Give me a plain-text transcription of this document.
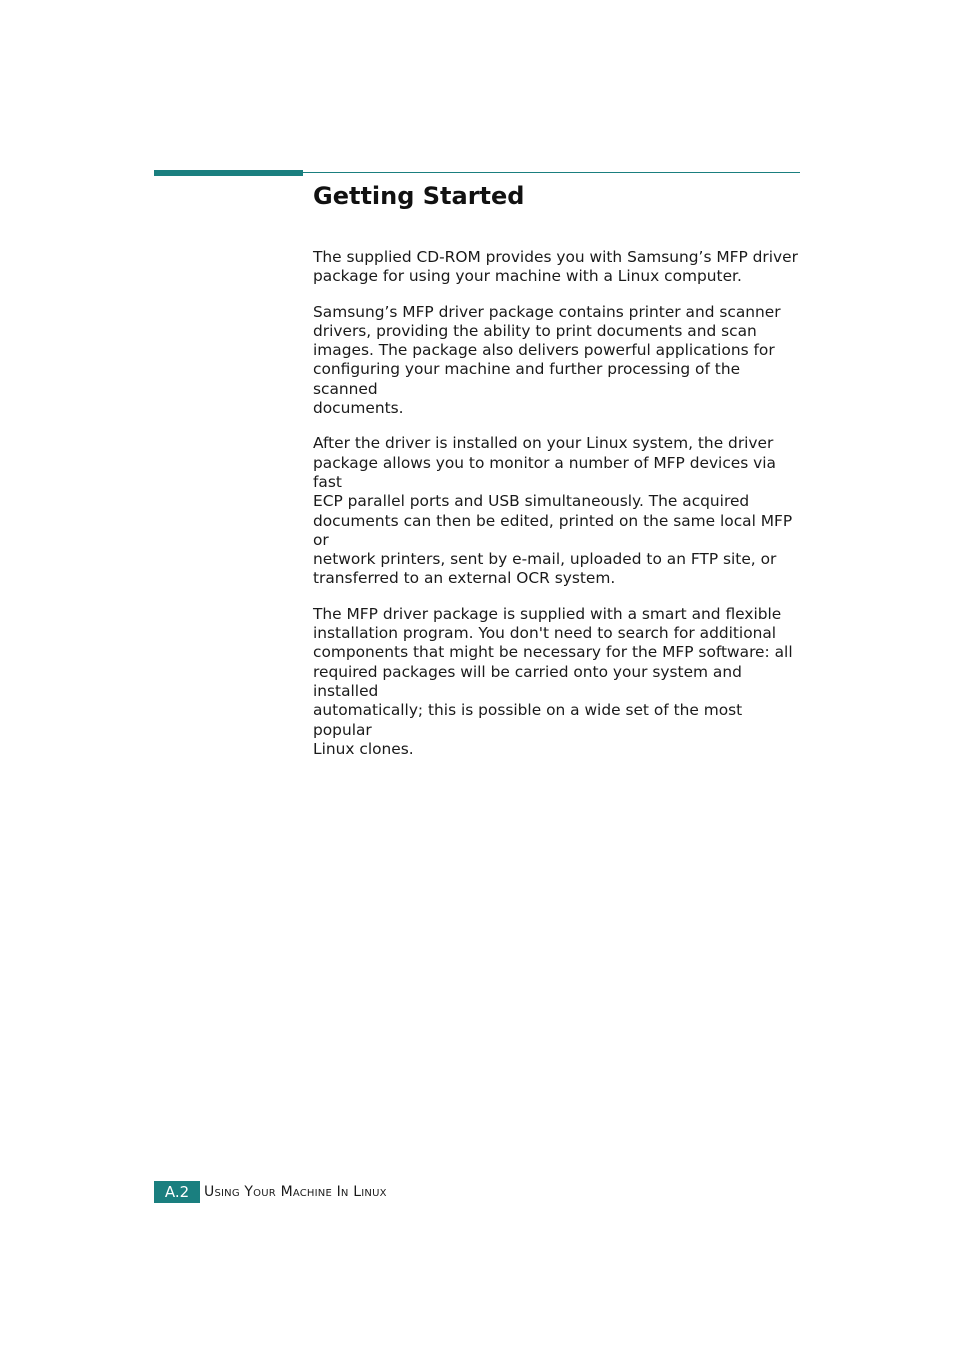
Getting Started

The supplied CD-ROM provides you with Samsung’s MFP driver
package for using your machine with a Linux computer.

Samsung’s MFP driver package contains printer and scanner
drivers, providing the ability to print documents and scan
images. The package also delivers powerful applications for
configuring your machine and further processing of the scanned
documents.

After the driver is installed on your Linux system, the driver
package allows you to monitor a number of MFP devices via fast
ECP parallel ports and USB simultaneously. The acquired
documents can then be edited, printed on the same local MFP or
network printers, sent by e-mail, uploaded to an FTP site, or
transferred to an external OCR system.

The MFP driver package is supplied with a smart and flexible
installation program. You don't need to search for additional
components that might be necessary for the MFP software: all
required packages will be carried onto your system and installed
automatically; this is possible on a wide set of the most popular
Linux clones.

A.2	Using Your Machine In Linux
